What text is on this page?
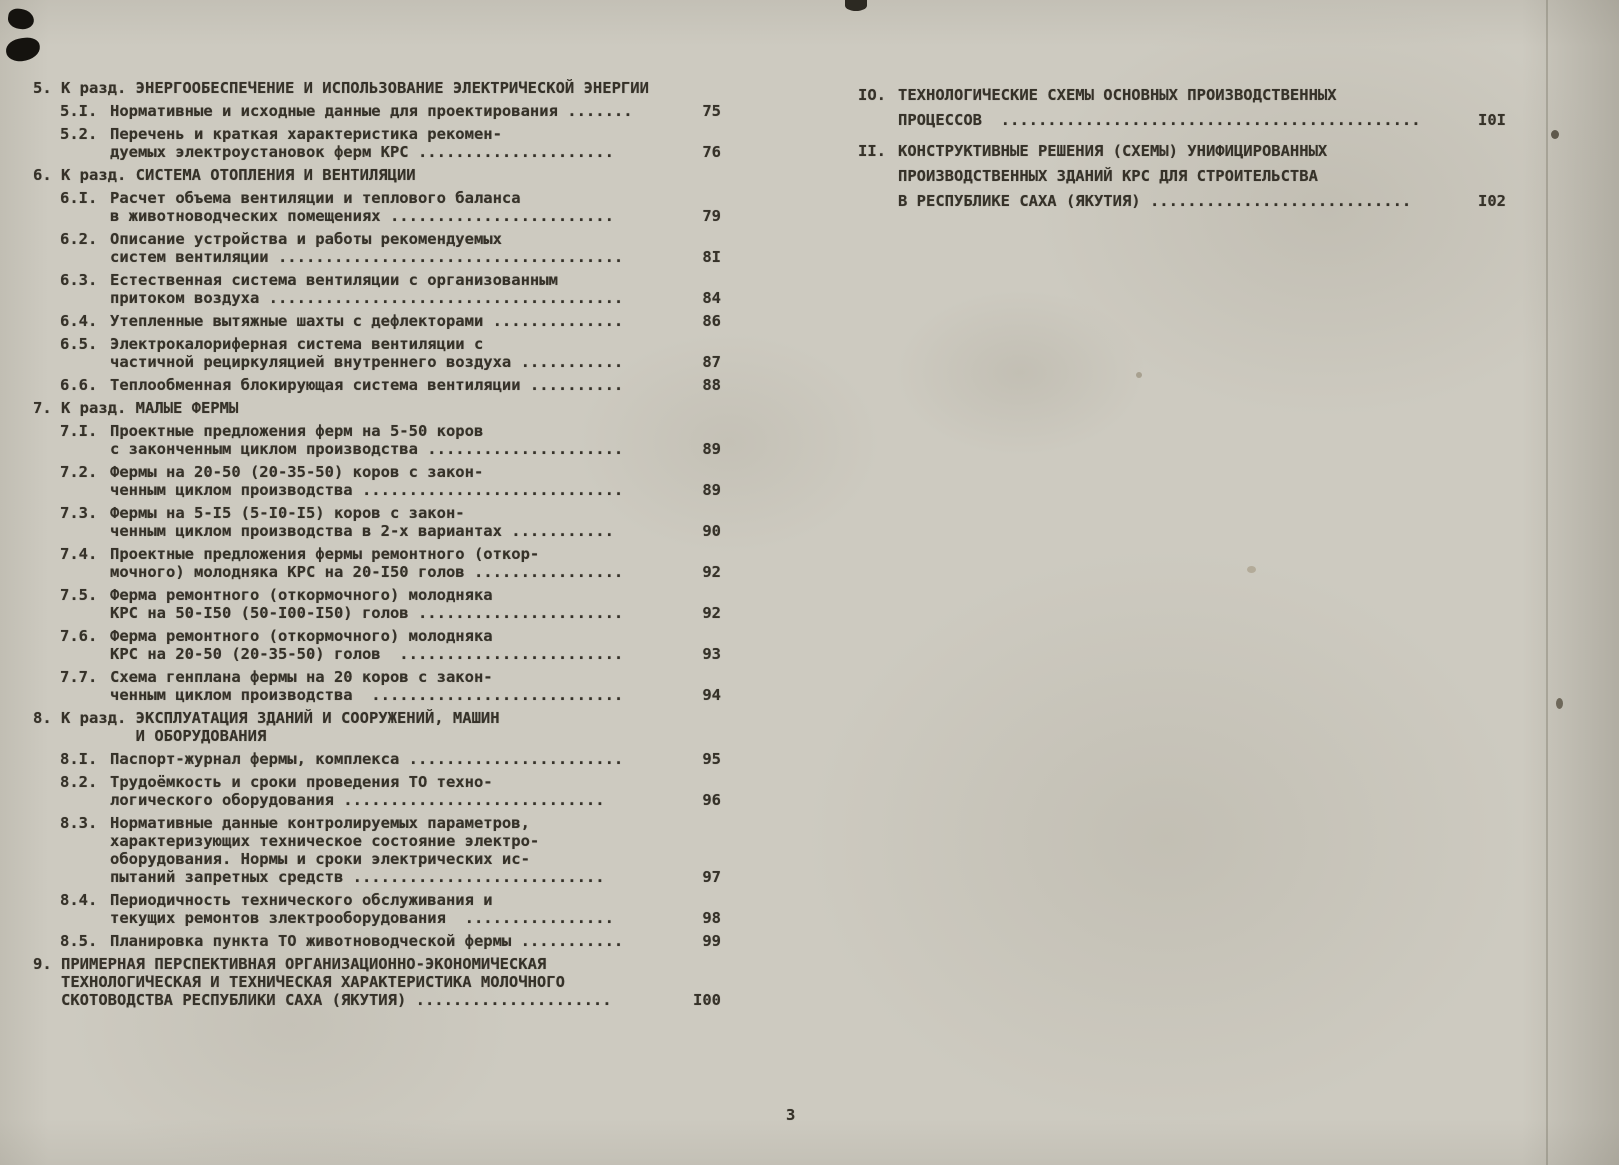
5. К разд. ЭНЕРГООБЕСПЕЧЕНИЕ И ИСПОЛЬЗОВАНИЕ ЭЛЕКТРИЧЕСКОЙ ЭНЕРГИИ
5.I. Нормативные и исходные данные для проектирования .......	75
5.2. Перечень и краткая характеристика рекомен-
дуемых электроустановок ферм КРС .....................	76
6. К разд. СИСТЕМА ОТОПЛЕНИЯ И ВЕНТИЛЯЦИИ
6.I. Расчет объема вентиляции и теплового баланса
в животноводческих помещениях ........................	79
6.2. Описание устройства и работы рекомендуемых
систем вентиляции .....................................	8I
6.3. Естественная система вентиляции с организованным
притоком воздуха ......................................	84
6.4. Утепленные вытяжные шахты с дефлекторами ..............	86
6.5. Электрокалориферная система вентиляции с
частичной рециркуляцией внутреннего воздуха ...........	87
6.6. Теплообменная блокирующая система вентиляции ..........	88
7. К разд. МАЛЫЕ ФЕРМЫ
7.I. Проектные предложения ферм на 5-50 коров
с законченным циклом производства .....................	89
7.2. Фермы на 20-50 (20-35-50) коров с закон-
ченным циклом производства ............................	89
7.3. Фермы на 5-I5 (5-I0-I5) коров с закон-
ченным циклом производства в 2-х вариантах ...........	90
7.4. Проектные предложения фермы ремонтного (откор-
мочного) молодняка КРС на 20-I50 голов ................	92
7.5. Ферма ремонтного (откормочного) молодняка
КРС на 50-I50 (50-I00-I50) голов ......................	92
7.6. Ферма ремонтного (откормочного) молодняка
КРС на 20-50 (20-35-50) голов  ........................	93
7.7. Схема генплана фермы на 20 коров с закон-
ченным циклом производства  ...........................	94
8. К разд. ЭКСПЛУАТАЦИЯ ЗДАНИЙ И СООРУЖЕНИЙ, МАШИН
И ОБОРУДОВАНИЯ
8.I. Паспорт-журнал фермы, комплекса .......................	95
8.2. Трудоёмкость и сроки проведения ТО техно-
логического оборудования ............................	96
8.3. Нормативные данные контролируемых параметров,
характеризующих техническое состояние электро-
оборудования. Нормы и сроки электрических ис-
пытаний запретных средств ...........................	97
8.4. Периодичность технического обслуживания и
текущих ремонтов злектрооборудования  ................	98
8.5. Планировка пункта ТО животноводческой фермы ...........	99
9. ПРИМЕРНАЯ ПЕРСПЕКТИВНАЯ ОРГАНИЗАЦИОННО-ЭКОНОМИЧЕСКАЯ
ТЕХНОЛОГИЧЕСКАЯ И ТЕХНИЧЕСКАЯ ХАРАКТЕРИСТИКА МОЛОЧНОГО
СКОТОВОДСТВА РЕСПУБЛИКИ САХА (ЯКУТИЯ) .....................	I00
IO. ТЕХНОЛОГИЧЕСКИЕ СХЕМЫ ОСНОВНЫХ ПРОИЗВОДСТВЕННЫХ
ПРОЦЕССОВ  .............................................	I0I
II. КОНСТРУКТИВНЫЕ РЕШЕНИЯ (СХЕМЫ) УНИФИЦИРОВАННЫХ
ПРОИЗВОДСТВЕННЫХ ЗДАНИЙ КРС ДЛЯ СТРОИТЕЛЬСТВА
В РЕСПУБЛИКЕ САХА (ЯКУТИЯ) ............................	I02
3
